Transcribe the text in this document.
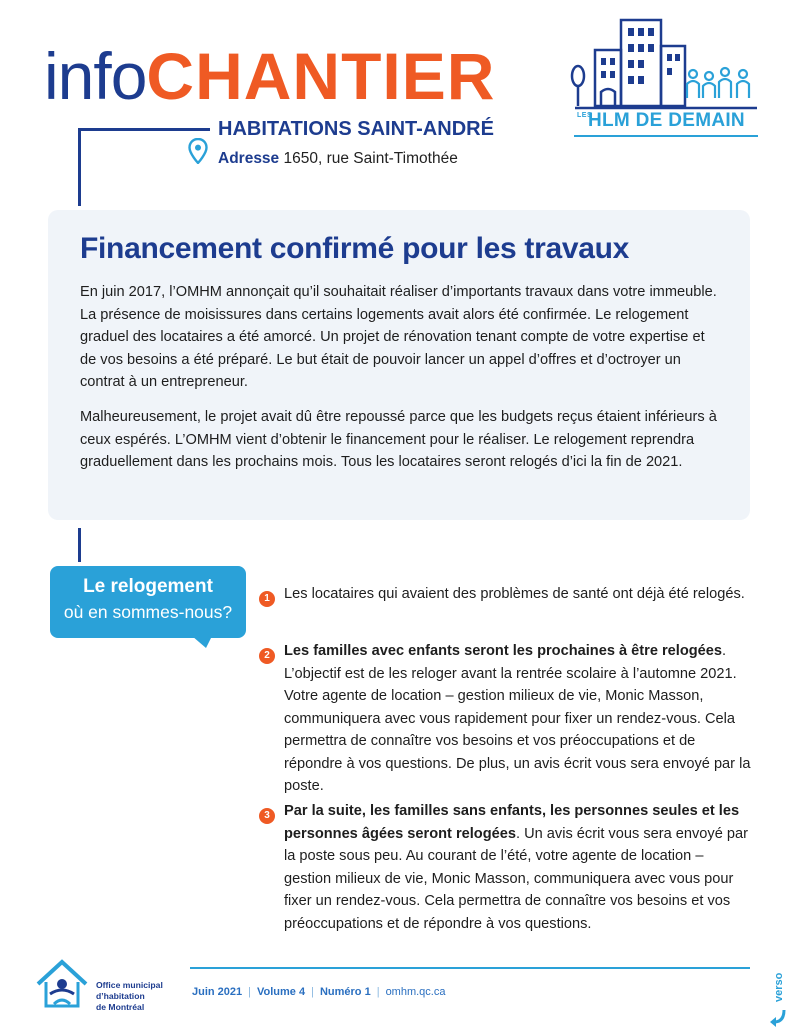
infoCHANTIER
HABITATIONS SAINT-ANDRÉ
Adresse 1650, rue Saint-Timothée
LES
HLM DE DEMAIN
Financement confirmé pour les travaux
En juin 2017, l’OMHM annonçait qu’il souhaitait réaliser d’importants travaux dans votre immeuble. La présence de moisissures dans certains logements avait alors été confirmée. Le relogement graduel des locataires a été amorcé. Un projet de rénovation tenant compte de votre expertise et de vos besoins a été préparé. Le but était de pouvoir lancer un appel d’offres et d’octroyer un contrat à un entrepreneur.
Malheureusement, le projet avait dû être repoussé parce que les budgets reçus étaient inférieurs à ceux espérés. L’OMHM vient d’obtenir le financement pour le réaliser. Le relogement reprendra graduellement dans les prochains mois. Tous les locataires seront relogés d’ici la fin de 2021.
Le relogement
où en sommes-nous?
1 Les locataires qui avaient des problèmes de santé ont déjà été relogés.
2 Les familles avec enfants seront les prochaines à être relogées. L’objectif est de les reloger avant la rentrée scolaire à l’automne 2021. Votre agente de location – gestion milieux de vie, Monic Masson, communiquera avec vous rapidement pour fixer un rendez-vous. Cela permettra de connaître vos besoins et vos préoccupations et de répondre à vos questions. De plus, un avis écrit vous sera envoyé par la poste.
3 Par la suite, les familles sans enfants, les personnes seules et les personnes âgées seront relogées. Un avis écrit vous sera envoyé par la poste sous peu. Au courant de l’été, votre agente de location – gestion milieux de vie, Monic Masson, communiquera avec vous pour fixer un rendez-vous. Cela permettra de connaître vos besoins et vos préoccupations et de répondre à vos questions.
Office municipal
d’habitation
de Montréal
Juin 2021 | Volume 4 | Numéro 1 | omhm.qc.ca	verso
